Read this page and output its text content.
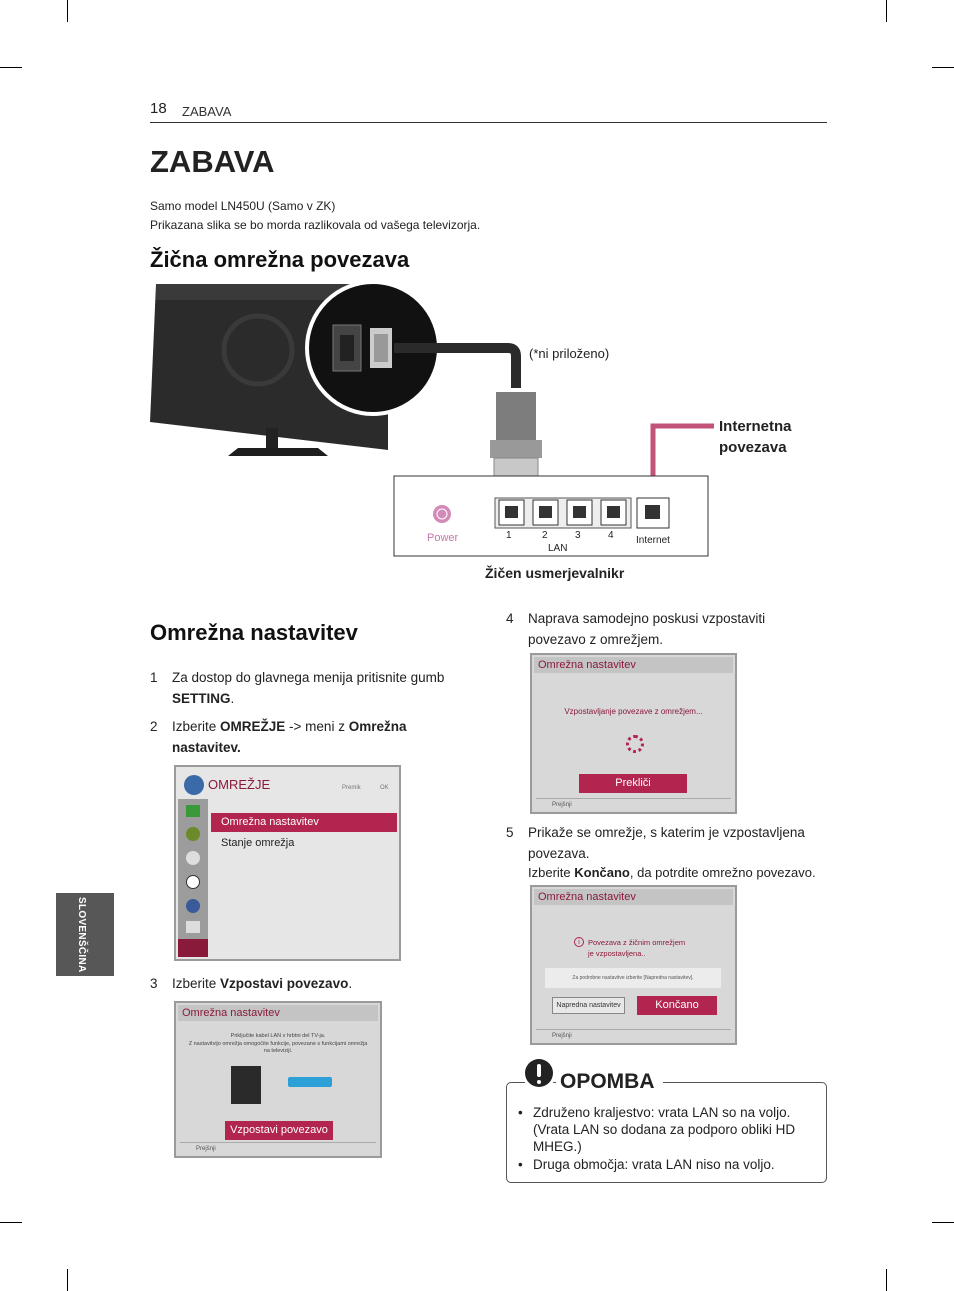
18 ZABAVA
ZABAVA
Samo model LN450U (Samo v ZK)
Prikazana slika se bo morda razlikovala od vašega televizorja.
Žična omrežna povezava
(*ni priloženo)
Internetna
povezava
Power	1	2	3	4
LAN
Internet
Žičen usmerjevalnikr
SLOVENŠČINA
Omrežna nastavitev
1 Za dostop do glavnega menija pritisnite gumb
SETTING.
2 Izberite OMREŽJE -> meni z Omrežna
nastavitev.
OMREŽJE	Premik	OK
Omrežna nastavitev
Stanje omrežja
3 Izberite Vzpostavi povezavo.
Omrežna nastavitev
Priključite kabel LAN v hrbtni del TV-ja.
Z nastavitvijo omrežja omogočite funkcije, povezane s funkcijami omrežja
na televiziji.
Vzpostavi povezavo
Prejšnji
4 Naprava samodejno poskusi vzpostaviti
povezavo z omrežjem.
Omrežna nastavitev
Vzpostavljanje povezave z omrežjem...
Prekliči
Prejšnji
5 Prikaže se omrežje, s katerim je vzpostavljena
povezava.
Izberite Končano, da potrdite omrežno povezavo.
Omrežna nastavitev
i	Povezava z žičnim omrežjem
je vzpostavljena..
Za podrobne nastavitve izberite [Napredna nastavitev].
Napredna nastavitev	Končano
Prejšnji
OPOMBA
• Združeno kraljestvo: vrata LAN so na voljo.
(Vrata LAN so dodana za podporo obliki HD
MHEG.)
• Druga območja: vrata LAN niso na voljo.
